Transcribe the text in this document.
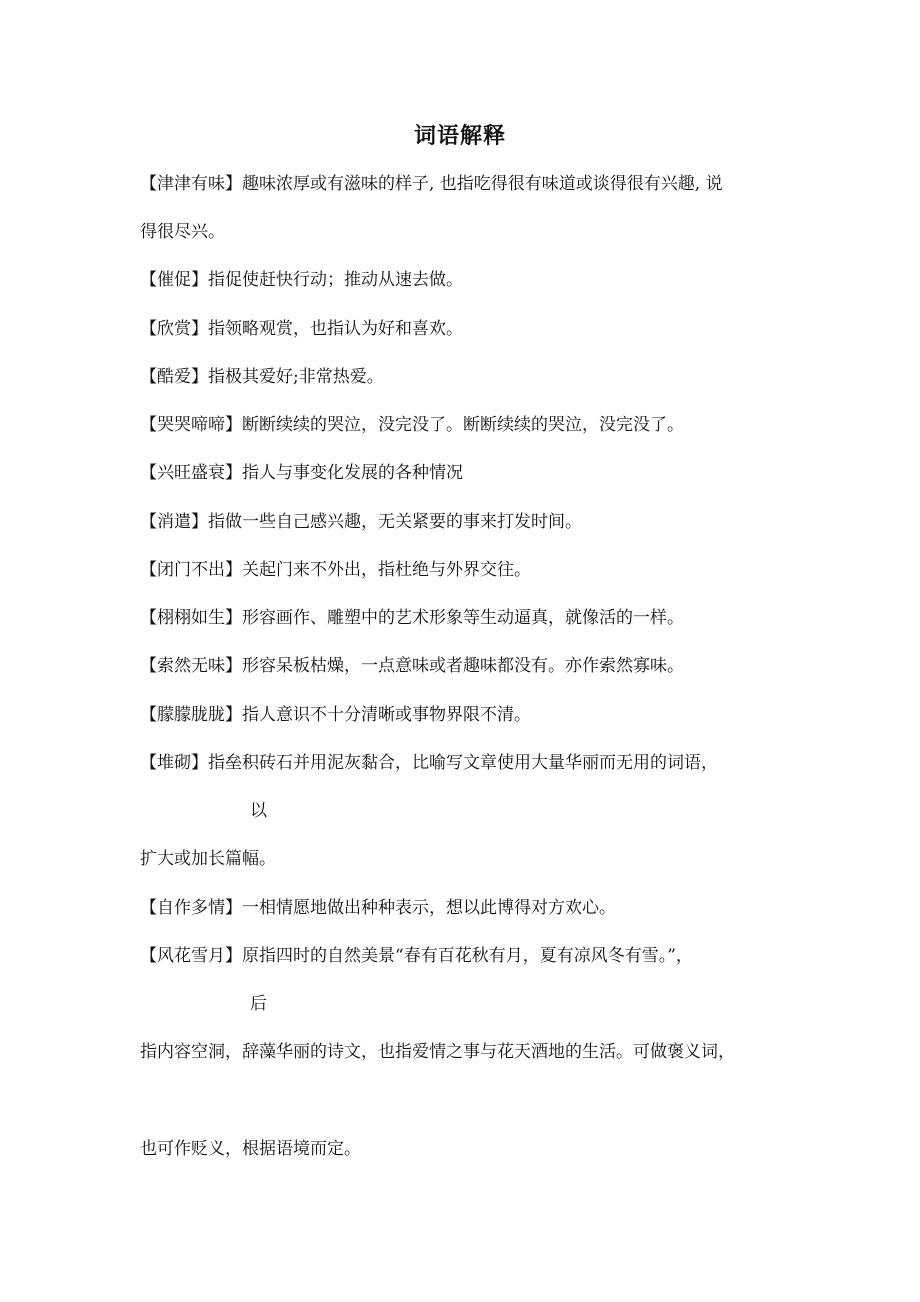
词语解释
【津津有味】趣味浓厚或有滋味的样子, 也指吃得很有味道或谈得很有兴趣, 说
得很尽兴。
【催促】指促使赶快行动；推动从速去做。
【欣赏】指领略观赏，也指认为好和喜欢。
【酷爱】指极其爱好;非常热爱。
【哭哭啼啼】断断续续的哭泣，没完没了。断断续续的哭泣，没完没了。
【兴旺盛衰】指人与事变化发展的各种情况
【消遣】指做一些自己感兴趣，无关紧要的事来打发时间。
【闭门不出】关起门来不外出，指杜绝与外界交往。
【栩栩如生】形容画作、雕塑中的艺术形象等生动逼真，就像活的一样。
【索然无味】形容呆板枯燥，一点意味或者趣味都没有。亦作索然寡味。
【朦朦胧胧】指人意识不十分清晰或事物界限不清。
【堆砌】指垒积砖石并用泥灰黏合，比喻写文章使用大量华丽而无用的词语，
以
扩大或加长篇幅。
【自作多情】一相情愿地做出种种表示，想以此博得对方欢心。
【风花雪月】原指四时的自然美景“春有百花秋有月，夏有凉风冬有雪。”，
后
指内容空洞，辞藻华丽的诗文，也指爱情之事与花天酒地的生活。可做褒义词，
也可作贬义，根据语境而定。
